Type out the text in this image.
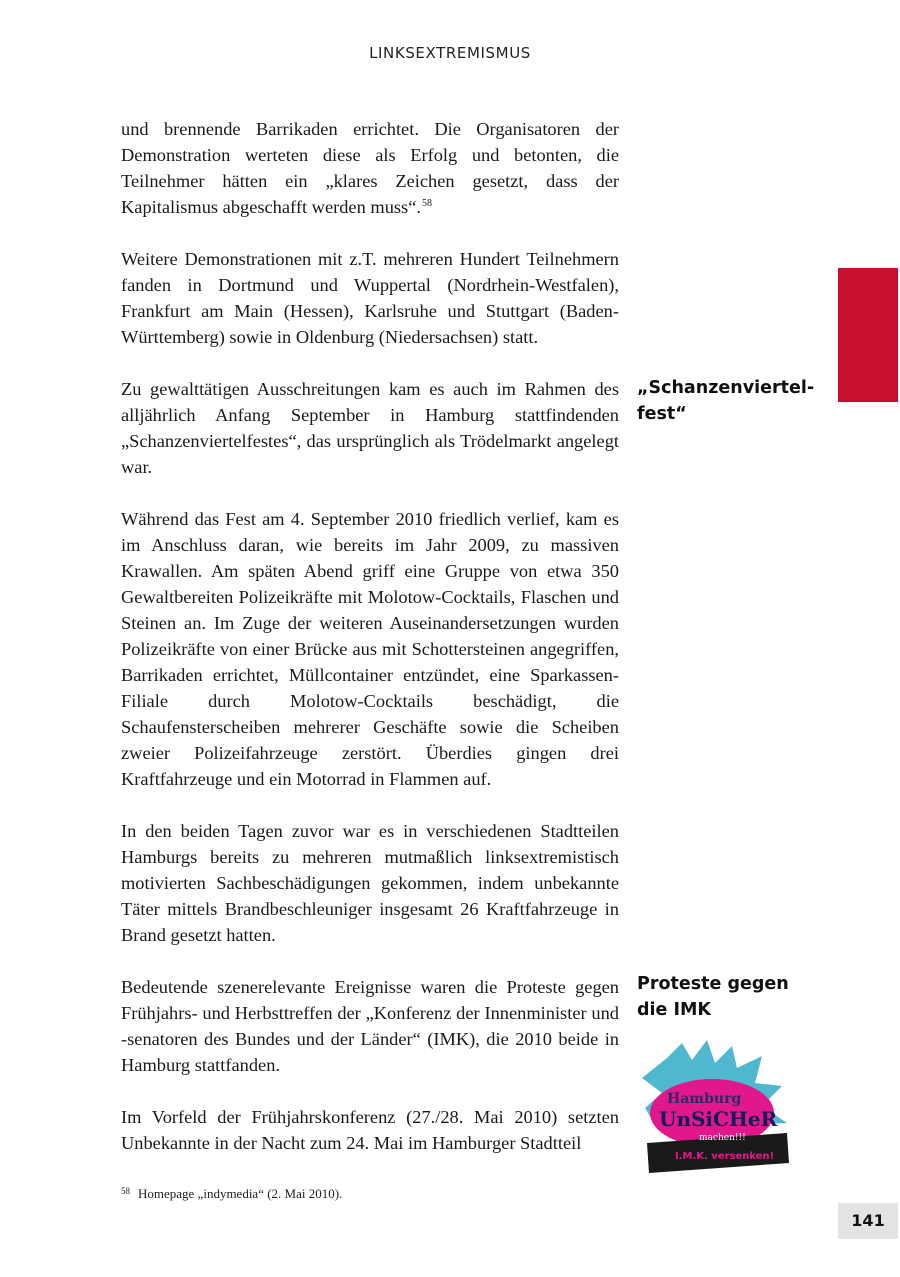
LINKSEXTREMISMUS

und brennende Barrikaden errichtet. Die Organisatoren der Demonstration werteten diese als Erfolg und betonten, die Teilnehmer hätten ein „klares Zeichen gesetzt, dass der Kapitalismus abgeschafft werden muss“.$^{58}$

Weitere Demonstrationen mit z.T. mehreren Hundert Teilnehmern fanden in Dortmund und Wuppertal (Nordrhein-Westfalen), Frankfurt am Main (Hessen), Karlsruhe und Stuttgart (Baden-Württemberg) sowie in Oldenburg (Niedersachsen) statt.

Zu gewalttätigen Ausschreitungen kam es auch im Rahmen des alljährlich Anfang September in Hamburg stattfindenden „Schanzenviertelfestes“, das ursprünglich als Trödelmarkt angelegt war.

Während das Fest am 4. September 2010 friedlich verlief, kam es im Anschluss daran, wie bereits im Jahr 2009, zu massiven Krawallen. Am späten Abend griff eine Gruppe von etwa 350 Gewaltbereiten Polizeikräfte mit Molotow-Cocktails, Flaschen und Steinen an. Im Zuge der weiteren Auseinandersetzungen wurden Polizeikräfte von einer Brücke aus mit Schottersteinen angegriffen, Barrikaden errichtet, Müllcontainer entzündet, eine Sparkassen-Filiale durch Molotow-Cocktails beschädigt, die Schaufensterscheiben mehrerer Geschäfte sowie die Scheiben zweier Polizeifahrzeuge zerstört. Überdies gingen drei Kraftfahrzeuge und ein Motorrad in Flammen auf.

In den beiden Tagen zuvor war es in verschiedenen Stadtteilen Hamburgs bereits zu mehreren mutmaßlich linksextremistisch motivierten Sachbeschädigungen gekommen, indem unbekannte Täter mittels Brandbeschleuniger insgesamt 26 Kraftfahrzeuge in Brand gesetzt hatten.

Bedeutende szenerelevante Ereignisse waren die Proteste gegen Frühjahrs- und Herbsttreffen der „Konferenz der Innenminister und -senatoren des Bundes und der Länder“ (IMK), die 2010 beide in Hamburg stattfanden.

Im Vorfeld der Frühjahrskonferenz (27./28. Mai 2010) setzten Unbekannte in der Nacht zum 24. Mai im Hamburger Stadtteil

„Schanzenviertel-fest“
Proteste gegen die IMK
Hamburg
UnSiCHeR
machen!!!
I.M.K. versenken!
$^{58}$ Homepage „indymedia“ (2. Mai 2010).
141
